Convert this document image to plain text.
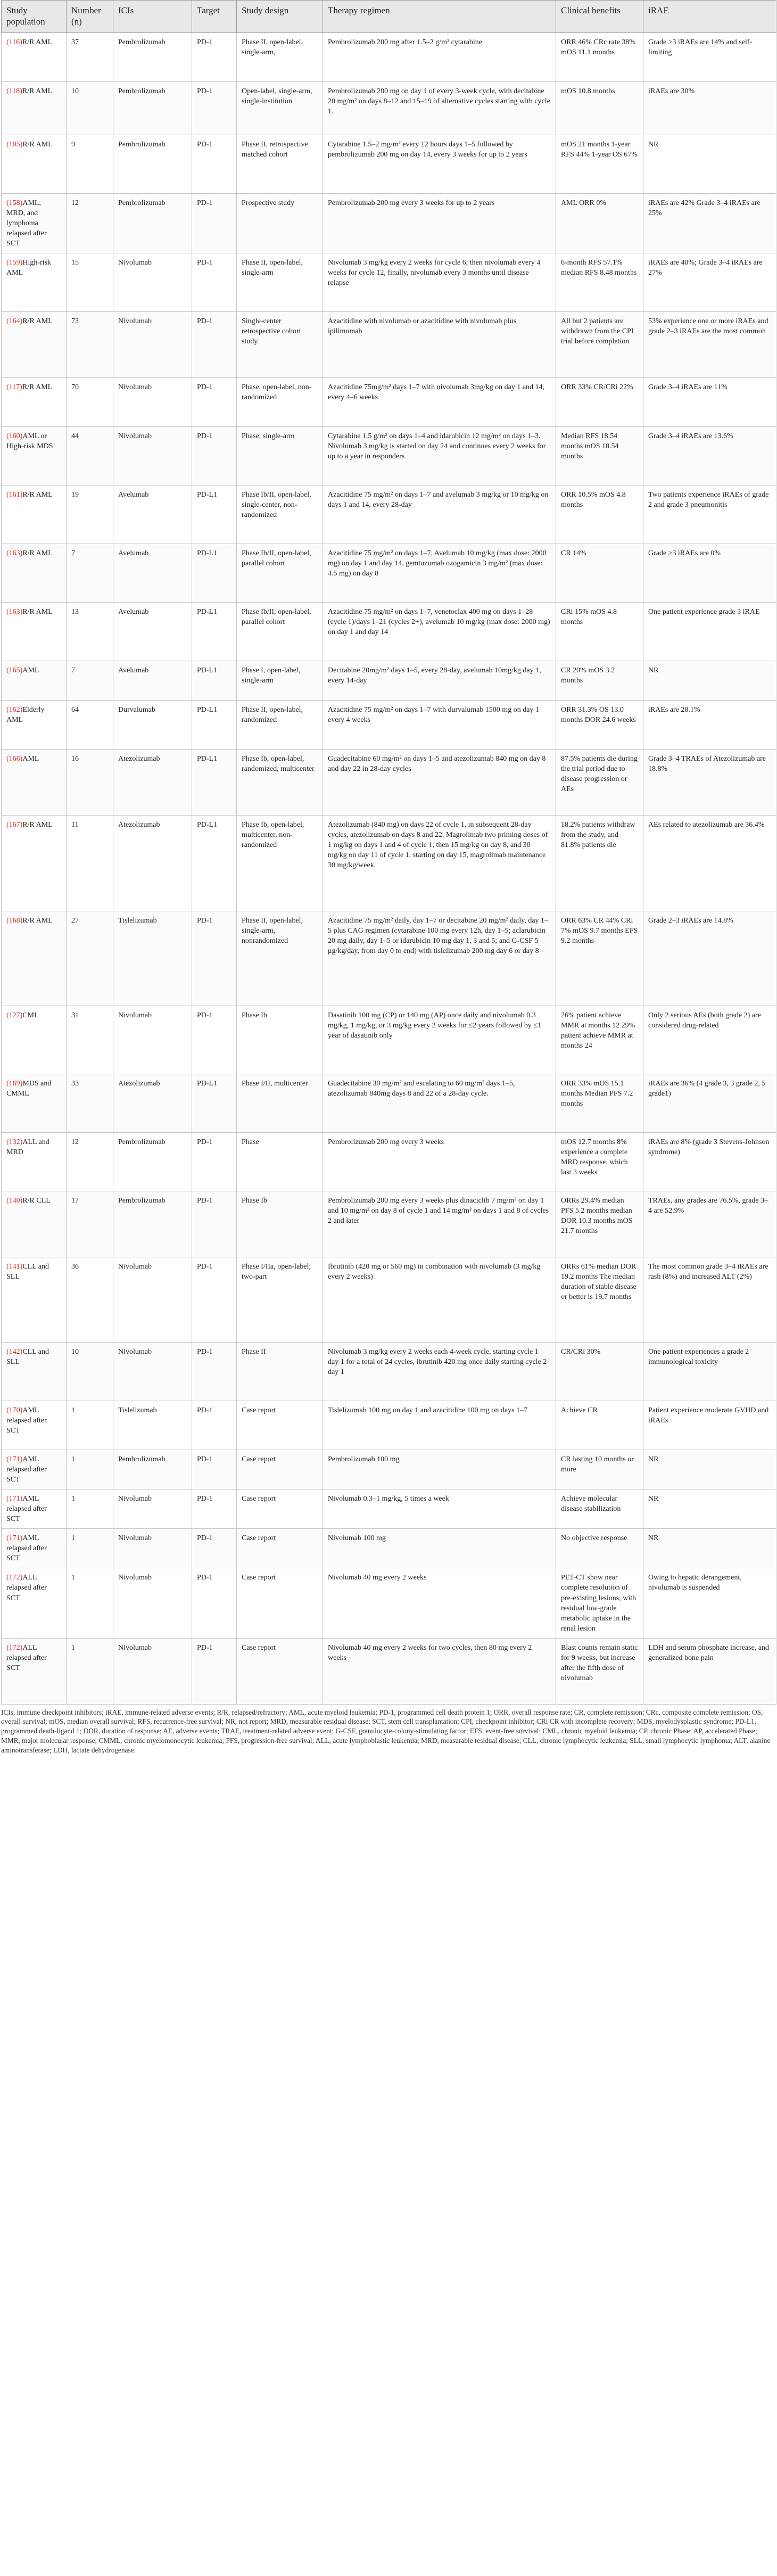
Study population	Number (n)	ICIs	Target	Study design	Therapy regimen	Clinical benefits	iRAE
(116)R/R AML	37	Pembrolizumab	PD-1	Phase II, open-label, single-arm,	Pembrolizumab 200 mg after 1.5–2 g/m² cytarabine	ORR 46% CRc rate 38% mOS 11.1 months	Grade ≥3 iRAEs are 14% and self-limiting
(118)R/R AML	10	Pembrolizumab	PD-1	Open-label, single-arm, single-institution	Pembrolizumab 200 mg on day 1 of every 3-week cycle, with decitabine 20 mg/m² on days 8–12 and 15–19 of alternative cycles starting with cycle 1.	mOS 10.8 months	iRAEs are 30%
(105)R/R AML	9	Pembrolizumab	PD-1	Phase II, retrospective matched cohort	Cytarabine 1.5–2 mg/m² every 12 hours days 1–5 followed by pembrolizumab 200 mg on day 14, every 3 weeks for up to 2 years	mOS 21 months 1-year RFS 44% 1-year OS 67%	NR
(158)AML, MRD, and lymphoma relapsed after SCT	12	Pembrolizumab	PD-1	Prospective study	Pembrolizumab 200 mg every 3 weeks for up to 2 years	AML ORR 0%	iRAEs are 42% Grade 3–4 iRAEs are 25%
(159)High-risk AML	15	Nivolumab	PD-1	Phase II, open-label, single-arm	Nivolumab 3 mg/kg every 2 weeks for cycle 6, then nivolumab every 4 weeks for cycle 12, finally, nivolumab every 3 months until disease relapse	6-month RFS 57.1% median RFS 8.48 months	iRAEs are 40%; Grade 3–4 iRAEs are 27%
(164)R/R AML	73	Nivolumab	PD-1	Single-center retrospective cohort study	Azacitidine with nivolumab or azacitidine with nivolumab plus ipilimumab	All but 2 patients are withdrawn from the CPI trial before completion	53% experience one or more iRAEs and grade 2–3 iRAEs are the most common
(117)R/R AML	70	Nivolumab	PD-1	Phase, open-label, non-randomized	Azacitidine 75mg/m² days 1–7 with nivolumab 3mg/kg on day 1 and 14, every 4–6 weeks	ORR 33% CR/CRi 22%	Grade 3–4 iRAEs are 11%
(160)AML or High-risk MDS	44	Nivolumab	PD-1	Phase, single-arm	Cytarabine 1.5 g/m² on days 1–4 and idarubicin 12 mg/m² on days 1–3. Nivolumab 3 mg/kg is started on day 24 and continues every 2 weeks for up to a year in responders	Median RFS 18.54 months mOS 18.54 months	Grade 3–4 iRAEs are 13.6%
(161)R/R AML	19	Avelumab	PD-L1	Phase Ib/II, open-label, single-center, non-randomized	Azacitidine 75 mg/m² on days 1–7 and avelumab 3 mg/kg or 10 mg/kg on days 1 and 14, every 28-day	ORR 10.5% mOS 4.8 months	Two patients experience iRAEs of grade 2 and grade 3 pneumonitis
(163)R/R AML	7	Avelumab	PD-L1	Phase Ib/II, open-label, parallel cohort	Azacitidine 75 mg/m² on days 1–7, Avelumab 10 mg/kg (max dose: 2000 mg) on day 1 and day 14, gemtuzumab ozogamicin 3 mg/m² (max dose: 4.5 mg) on day 8	CR 14%	Grade ≥3 iRAEs are 0%
(163)R/R AML	13	Avelumab	PD-L1	Phase Ib/II, open-label, parallel cohort	Azacitidine 75 mg/m² on days 1–7, venetoclax 400 mg on days 1–28 (cycle 1)/days 1–21 (cycles 2+), avelumab 10 mg/kg (max dose: 2000 mg) on day 1 and day 14	CRi 15% mOS 4.8 months	One patient experience grade 3 iRAE
(165)AML	7	Avelumab	PD-L1	Phase I, open-label, single-arm	Decitabine 20mg/m² days 1–5, every 28-day, avelumab 10mg/kg day 1, every 14-day	CR 20% mOS 3.2 months	NR
(162)Elderly AML	64	Durvalumab	PD-L1	Phase II, open-label, randomized	Azacitidine 75 mg/m² on days 1–7 with durvalumab 1500 mg on day 1 every 4 weeks	ORR 31.3% OS 13.0 months DOR 24.6 weeks	iRAEs are 28.1%
(166)AML	16	Atezolizumab	PD-L1	Phase Ib, open-label, randomized, multicenter	Guadecitabine 60 mg/m² on days 1–5 and atezolizumab 840 mg on day 8 and day 22 in 28-day cycles	87.5% patients die during the trial period due to disease progression or AEs	Grade 3–4 TRAEs of Atezolizumab are 18.8%
(167)R/R AML	11	Atezolizumab	PD-L1	Phase Ib, open-label, multicenter, non-randomized	Atezolizumab (840 mg) on days 22 of cycle 1, in subsequent 28-day cycles, atezolizumab on days 8 and 22. Magrolimab two priming doses of 1 mg/kg on days 1 and 4 of cycle 1, then 15 mg/kg on day 8, and 30 mg/kg on day 11 of cycle 1, starting on day 15, magrolimab maintenance 30 mg/kg/week.	18.2% patients withdraw from the study, and 81.8% patients die	AEs related to atezolizumab are 36.4%
(168)R/R AML	27	Tislelizumab	PD-1	Phase II, open-label, single-arm, nonrandomized	Azacitidine 75 mg/m² daily, day 1–7 or decitabine 20 mg/m² daily, day 1–5 plus CAG regimen (cytarabine 100 mg every 12h, day 1–5; aclarubicin 20 mg daily, day 1–5 or idarubicin 10 mg day 1, 3 and 5; and G-CSF 5 μg/kg/day, from day 0 to end) with tislelizumab 200 mg day 6 or day 8	ORR 63% CR 44% CRi 7% mOS 9.7 months EFS 9.2 months	Grade 2–3 iRAEs are 14.8%
(127)CML	31	Nivolumab	PD-1	Phase Ib	Dasatinib 100 mg (CP) or 140 mg (AP) once daily and nivolumab 0.3 mg/kg, 1 mg/kg, or 3 mg/kg every 2 weeks for ≤2 years followed by ≤1 year of dasatinib only	26% patient achieve MMR at months 12 29% patient achieve MMR at months 24	Only 2 serious AEs (both grade 2) are considered drug-related
(169)MDS and CMML	33	Atezolizumab	PD-L1	Phase I/II, multicenter	Guadecitabine 30 mg/m² and escalating to 60 mg/m² days 1–5, atezolizumab 840mg days 8 and 22 of a 28-day cycle.	ORR 33% mOS 15.1 months Median PFS 7.2 months	iRAEs are 36% (4 grade 3, 3 grade 2, 5 grade1)
(132)ALL and MRD	12	Pembrolizumab	PD-1	Phase	Pembrolizumab 200 mg every 3 weeks	mOS 12.7 months 8% experience a complete MRD response, which last 3 weeks	iRAEs are 8% (grade 3 Stevens-Johnson syndrome)
(140)R/R CLL	17	Pembrolizumab	PD-1	Phase Ib	Pembrolizumab 200 mg every 3 weeks plus dinaciclib 7 mg/m² on day 1 and 10 mg/m² on day 8 of cycle 1 and 14 mg/m² on days 1 and 8 of cycles 2 and later	ORRs 29.4% median PFS 5.2 months median DOR 10.3 months mOS 21.7 months	TRAEs, any grades are 76.5%, grade 3–4 are 52.9%
(141)CLL and SLL	36	Nivolumab	PD-1	Phase I/IIa, open-label; two-part	Ibrutinib (420 mg or 560 mg) in combination with nivolumab (3 mg/kg every 2 weeks)	ORRs 61% median DOR 19.2 months The median duration of stable disease or better is 19.7 months	The most common grade 3–4 iRAEs are rash (8%) and increased ALT (2%)
(142)CLL and SLL	10	Nivolumab	PD-1	Phase II	Nivolumab 3 mg/kg every 2 weeks each 4-week cycle, starting cycle 1 day 1 for a total of 24 cycles, ibrutinib 420 mg once daily starting cycle 2 day 1	CR/CRi 30%	One patient experiences a grade 2 immunological toxicity
(170)AML relapsed after SCT	1	Tislelizumab	PD-1	Case report	Tislelizumab 100 mg on day 1 and azacitidine 100 mg on days 1–7	Achieve CR	Patient experience moderate GVHD and iRAEs
(171)AML relapsed after SCT	1	Pembrolizumab	PD-1	Case report	Pembrolizumab 100 mg	CR lasting 10 months or more	NR
(171)AML relapsed after SCT	1	Nivolumab	PD-1	Case report	Nivolumab 0.3–1 mg/kg, 5 times a week	Achieve molecular disease stabilization	NR
(171)AML relapsed after SCT	1	Nivolumab	PD-1	Case report	Nivolumab 100 mg	No objective response	NR
(172)ALL relapsed after SCT	1	Nivolumab	PD-1	Case report	Nivolumab 40 mg every 2 weeks	PET-CT show near complete resolution of pre-existing lesions, with residual low-grade metabolic uptake in the renal lesion	Owing to hepatic derangement, nivolumab is suspended
(172)ALL relapsed after SCT	1	Nivolumab	PD-1	Case report	Nivolumab 40 mg every 2 weeks for two cycles, then 80 mg every 2 weeks	Blast counts remain static for 9 weeks, but increase after the fifth dose of nivolumab	LDH and serum phosphate increase, and generalized bone pain

ICIs, immune checkpoint inhibitors; iRAE, immune-related adverse events; R/R, relapsed/refractory; AML, acute myeloid leukemia; PD-1, programmed cell death protein 1; ORR, overall response rate; CR, complete remission; CRc, composite complete remission; OS, overall survival; mOS, median overall survival; RFS, recurrence-free survival; NR, not report; MRD, measurable residual disease; SCT, stem cell transplantation; CPI, checkpoint inhibitor; CRi CR with incomplete recovery; MDS, myelodysplastic syndrome; PD-L1, programmed death-ligand 1; DOR, duration of response; AE, adverse events; TRAE, treatment-related adverse event; G-CSF, granulocyte-colony-stimulating factor; EFS, event-free survival; CML, chronic myeloid leukemia; CP, chronic Phase; AP, accelerated Phase; MMR, major molecular response; CMML, chronic myelomonocytic leukemia; PFS, progression-free survival; ALL, acute lymphoblastic leukemia; MRD, measurable residual disease; CLL, chronic lymphocytic leukemia; SLL, small lymphocytic lymphoma; ALT, alanine aminotransferase; LDH, lactate dehydrogenase.
